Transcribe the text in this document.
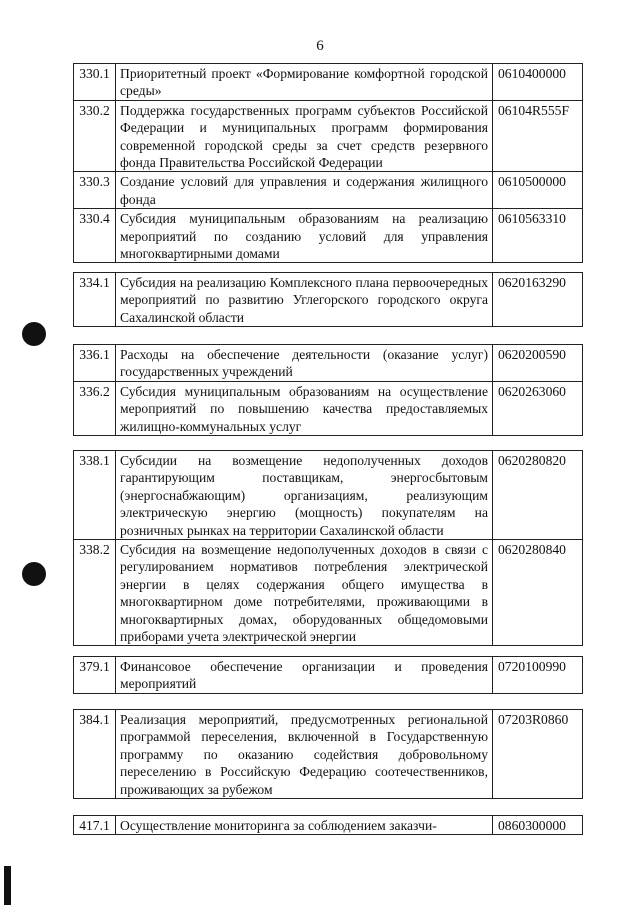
6
330.1	Приоритетный проект «Формирование комфортной городской среды»	0610400000
330.2	Поддержка государственных программ субъектов Российской Федерации и муниципальных программ формирования современной городской среды за счет средств резервного фонда Правительства Российской Федерации	06104R555F
330.3	Создание условий для управления и содержания жилищного фонда	0610500000
330.4	Субсидия муниципальным образованиям на реализацию мероприятий по созданию условий для управления многоквартирными домами	0610563310
334.1	Субсидия на реализацию Комплексного плана первоочередных мероприятий по развитию Углегорского городского округа Сахалинской области	0620163290
336.1	Расходы на обеспечение деятельности (оказание услуг) государственных учреждений	0620200590
336.2	Субсидия муниципальным образованиям на осуществление мероприятий по повышению качества предоставляемых жилищно-коммунальных услуг	0620263060
338.1	Субсидии на возмещение недополученных доходов гарантирующим поставщикам, энергосбытовым (энергоснабжающим) организациям, реализующим электрическую энергию (мощность) покупателям на розничных рынках на территории Сахалинской области	0620280820
338.2	Субсидия на возмещение недополученных доходов в связи с регулированием нормативов потребления электрической энергии в целях содержания общего имущества в многоквартирном доме потребителями, проживающими в многоквартирных домах, оборудованных общедомовыми приборами учета электрической энергии	0620280840
379.1	Финансовое обеспечение организации и проведения мероприятий	0720100990
384.1	Реализация мероприятий, предусмотренных региональной программой переселения, включенной в Государственную программу по оказанию содействия добровольному переселению в Российскую Федерацию соотечественников, проживающих за рубежом	07203R0860
417.1	Осуществление мониторинга за соблюдением заказчи-	0860300000
